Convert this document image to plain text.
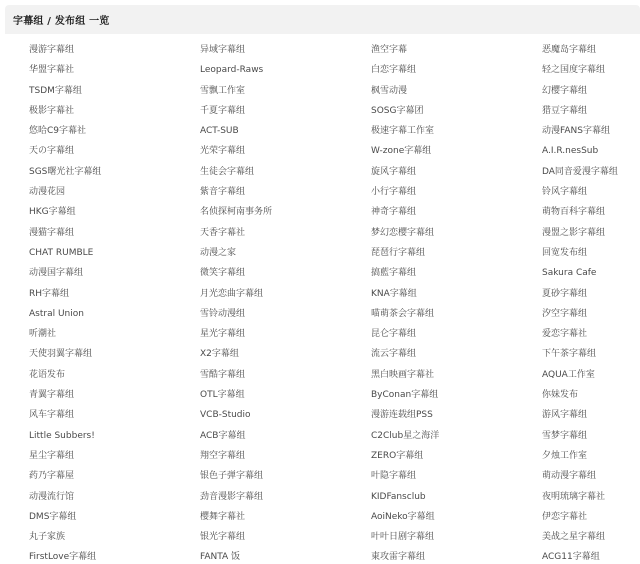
字幕组 / 发布组 一览
漫游字幕组	异域字幕组	渔空字幕	恶魔岛字幕组
华盟字幕社	Leopard-Raws	白恋字幕组	轻之国度字幕组
TSDM字幕组	雪飘工作室	枫雪动漫	幻樱字幕组
极影字幕社	千夏字幕组	SOSG字幕团	猎豆字幕组
悠哈C9字幕社	ACT-SUB	极速字幕工作室	动漫FANS字幕组
天の字幕组	光荣字幕组	W-zone字幕组	A.I.R.nesSub
SGS曙光社字幕组	生徒会字幕组	旋风字幕组	DA同音爱漫字幕组
动漫花园	紫音字幕组	小行字幕组	铃风字幕组
HKG字幕组	名侦探柯南事务所	神奇字幕组	萌物百科字幕组
漫猫字幕组	天香字幕社	梦幻恋樱字幕组	漫盟之影字幕组
CHAT RUMBLE	动漫之家	琵琶行字幕组	回宽发布组
动漫国字幕组	微笑字幕组	搞藍字幕组	Sakura Cafe
RH字幕组	月光恋曲字幕组	KNA字幕组	夏砂字幕组
Astral Union	雪铃动漫组	喵萌茶会字幕组	汐空字幕组
听潮社	星光字幕组	昆仑字幕组	爱恋字幕社
天使羽翼字幕组	X2字幕组	流云字幕组	下午茶字幕组
花语发布	雪酷字幕组	黑白映画字幕社	AQUA工作室
青翼字幕组	OTL字幕组	ByConan字幕组	你妹发布
风车字幕组	VCB-Studio	漫游连载组PSS	游风字幕组
Little Subbers!	ACB字幕组	C2Club星之海洋	雪梦字幕组
星尘字幕组	翔空字幕组	ZERO字幕组	夕烛工作室
药乃字幕屋	银色子弹字幕组	叶隐字幕组	萌动漫字幕组
动漫流行馆	劲音漫影字幕组	KIDFansclub	夜明琉璃字幕社
DMS字幕组	樱舞字幕社	AoiNeko字幕组	伊恋字幕社
丸子家族	银光字幕组	叶叶日剧字幕组	美战之星字幕组
FirstLove字幕组	FANTA 饭	東攻雷字幕组	ACG11字幕组
